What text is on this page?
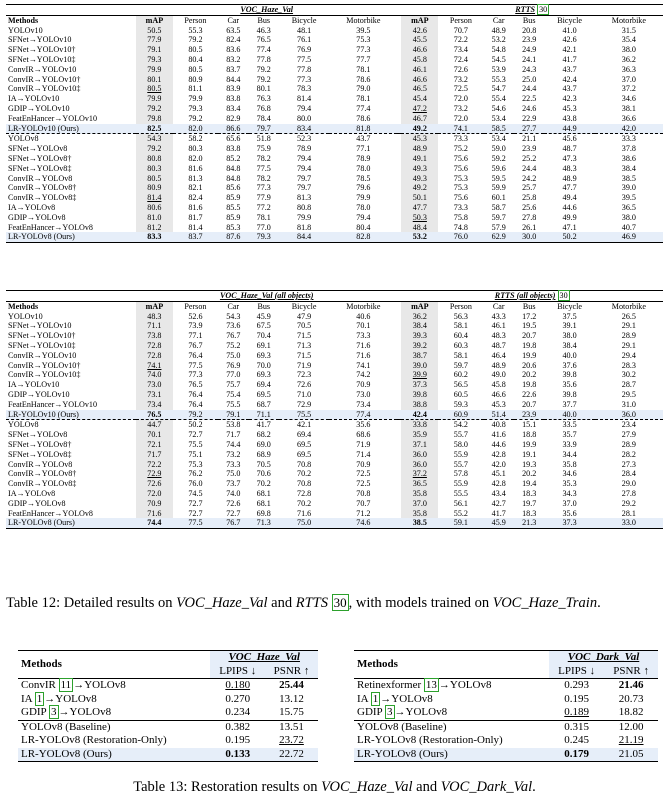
	VOC_Haze_Val							RTTS 30					
Methods	mAP	Person	Car	Bus	Bicycle	Motorbike		mAP	Person	Car	Bus	Bicycle	Motorbike
YOLOv10	50.5	55.3	63.5	46.3	48.1	39.5		42.6	70.7	48.9	20.8	41.0	31.5
SFNet→YOLOv10	77.9	79.2	82.4	76.5	76.1	75.3		45.5	72.2	53.2	23.9	42.6	35.4
SFNet→YOLOv10†	79.1	80.5	83.6	77.4	76.9	77.3		46.6	73.4	54.8	24.9	42.1	38.0
SFNet→YOLOv10‡	79.3	80.4	83.2	77.8	77.5	77.7		45.8	72.4	54.5	24.1	41.7	36.2
ConvIR→YOLOv10	79.9	80.5	83.7	79.2	77.8	78.1		46.1	72.6	53.9	24.3	43.7	36.3
ConvIR→YOLOv10†	80.1	80.9	84.4	79.2	77.3	78.6		46.6	73.2	55.3	25.0	42.4	37.0
ConvIR→YOLOv10‡	80.5	81.1	83.9	80.1	78.3	79.0		46.5	72.5	54.7	24.4	43.7	37.2
IA→YOLOv10	79.9	79.9	83.8	76.3	81.4	78.1		45.4	72.0	55.4	22.5	42.3	34.6
GDIP→YOLOv10	79.2	79.3	83.4	76.8	79.4	77.4		47.2	73.2	54.6	24.6	45.3	38.1
FeatEnHancer→YOLOv10	79.8	79.2	82.9	78.4	80.0	78.6		46.7	72.0	53.4	22.9	43.8	36.6
LR-YOLOv10 (Ours)	82.5	82.0	86.6	79.7	83.4	81.8		49.2	74.1	58.5	27.7	44.9	42.0
YOLOv8	54.3	58.2	65.6	51.8	52.3	43.7		45.3	73.3	53.4	21.1	45.6	33.3
SFNet→YOLOv8	79.2	80.3	83.8	75.9	78.9	77.1		48.9	75.2	59.0	23.9	48.7	37.8
SFNet→YOLOv8†	80.8	82.0	85.2	78.2	79.4	78.9		49.1	75.6	59.2	25.2	47.3	38.6
SFNet→YOLOv8‡	80.3	81.6	84.8	77.5	79.4	78.0		49.3	75.6	59.6	24.4	48.3	38.4
ConvIR→YOLOv8	80.5	81.3	84.8	78.2	79.7	78.5		49.3	75.3	59.5	24.2	48.9	38.5
ConvIR→YOLOv8†	80.9	82.1	85.6	77.3	79.7	79.6		49.2	75.3	59.9	25.7	47.7	39.0
ConvIR→YOLOv8‡	81.4	82.4	85.9	77.9	81.3	79.9		50.1	75.6	60.1	25.8	49.4	39.5
IA→YOLOv8	80.6	81.6	85.5	77.2	80.8	78.0		47.7	73.3	58.7	25.6	44.6	36.5
GDIP→YOLOv8	81.0	81.7	85.9	78.1	79.9	79.4		50.3	75.8	59.7	27.8	49.9	38.0
FeatEnHancer→YOLOv8	81.2	81.4	85.3	77.0	81.8	80.4		48.4	74.8	57.9	26.1	47.1	40.7
LR-YOLOv8 (Ours)	83.3	83.7	87.6	79.3	84.4	82.8		53.2	76.0	62.9	30.0	50.2	46.9
	VOC_Haze_Val (all objects)							RTTS (all objects) 30					
Methods	mAP	Person	Car	Bus	Bicycle	Motorbike		mAP	Person	Car	Bus	Bicycle	Motorbike
YOLOv10	48.3	52.6	54.3	45.9	47.9	40.6		36.2	56.3	43.3	17.2	37.5	26.5
SFNet→YOLOv10	71.1	73.9	73.6	67.5	70.5	70.1		38.4	58.1	46.1	19.5	39.1	29.1
SFNet→YOLOv10†	73.8	77.1	76.7	70.4	71.5	73.3		39.3	60.4	48.3	20.7	38.0	28.9
SFNet→YOLOv10‡	72.8	76.7	75.2	69.1	71.3	71.6		39.2	60.3	48.7	19.8	38.4	29.1
ConvIR→YOLOv10	72.8	76.4	75.0	69.3	71.5	71.6		38.7	58.1	46.4	19.9	40.0	29.4
ConvIR→YOLOv10†	74.1	77.5	76.9	70.0	71.9	74.1		39.0	59.7	48.9	20.6	37.6	28.3
ConvIR→YOLOv10‡	74.0	77.3	77.0	69.3	72.3	74.2		39.9	60.2	49.0	20.2	39.8	30.2
IA→YOLOv10	73.0	76.5	75.7	69.4	72.6	70.9		37.3	56.5	45.8	19.8	35.6	28.7
GDIP→YOLOv10	73.1	76.4	75.4	69.5	71.0	73.0		39.8	60.5	46.6	22.6	39.8	29.5
FeatEnHancer→YOLOv10	73.4	76.4	75.5	68.7	72.9	73.4		38.8	59.3	45.3	20.7	37.7	31.0
LR-YOLOv10 (Ours)	76.5	79.2	79.1	71.1	75.5	77.4		42.4	60.9	51.4	23.9	40.0	36.0
YOLOv8	44.7	50.2	53.8	41.7	42.1	35.6		33.8	54.2	40.8	15.1	33.5	23.4
SFNet→YOLOv8	70.1	72.7	71.7	68.2	69.4	68.6		35.9	55.7	41.6	18.8	35.7	27.9
SFNet→YOLOv8†	72.1	75.5	74.4	69.0	69.5	71.9		37.1	58.0	44.6	19.9	33.9	28.9
SFNet→YOLOv8‡	71.7	75.1	73.2	68.9	69.5	71.4		36.0	55.9	42.8	19.1	34.4	28.2
ConvIR→YOLOv8	72.2	75.3	73.3	70.5	70.8	70.9		36.0	55.7	42.0	19.3	35.8	27.3
ConvIR→YOLOv8†	72.9	76.2	75.0	70.6	70.2	72.5		37.2	57.8	45.1	20.2	34.6	28.4
ConvIR→YOLOv8‡	72.6	76.0	73.7	70.2	70.8	72.5		36.5	55.9	42.8	19.4	35.3	29.0
IA→YOLOv8	72.0	74.5	74.0	68.1	72.8	70.8		35.8	55.5	43.4	18.3	34.3	27.8
GDIP→YOLOv8	70.9	72.7	72.6	68.1	70.2	70.7		37.0	56.1	42.7	19.7	37.0	29.2
FeatEnHancer→YOLOv8	71.6	72.7	72.7	69.8	71.6	71.2		35.8	55.2	41.7	18.3	35.6	28.1
LR-YOLOv8 (Ours)	74.4	77.5	76.7	71.3	75.0	74.6		38.5	59.1	45.9	21.3	37.3	33.0
Table 12: Detailed results on VOC_Haze_Val and RTTS 30 , with models trained on VOC_Haze_Train.
Methods	VOC_Haze_Val	
	LPIPS ↓	PSNR ↑
ConvIR 11 →YOLOv8	0.180	25.44
IA 1 →YOLOv8	0.270	13.12
GDIP 3 →YOLOv8	0.234	15.75
YOLOv8 (Baseline)	0.382	13.51
LR-YOLOv8 (Restoration-Only)	0.195	23.72
LR-YOLOv8 (Ours)	0.133	22.72
Methods	VOC_Dark_Val	
	LPIPS ↓	PSNR ↑
Retinexformer 13 →YOLOv8	0.293	21.46
IA 1 →YOLOv8	0.195	20.73
GDIP 3 →YOLOv8	0.189	18.82
YOLOv8 (Baseline)	0.315	12.00
LR-YOLOv8 (Restoration-Only)	0.245	21.19
LR-YOLOv8 (Ours)	0.179	21.05
Table 13: Restoration results on VOC_Haze_Val and VOC_Dark_Val.
